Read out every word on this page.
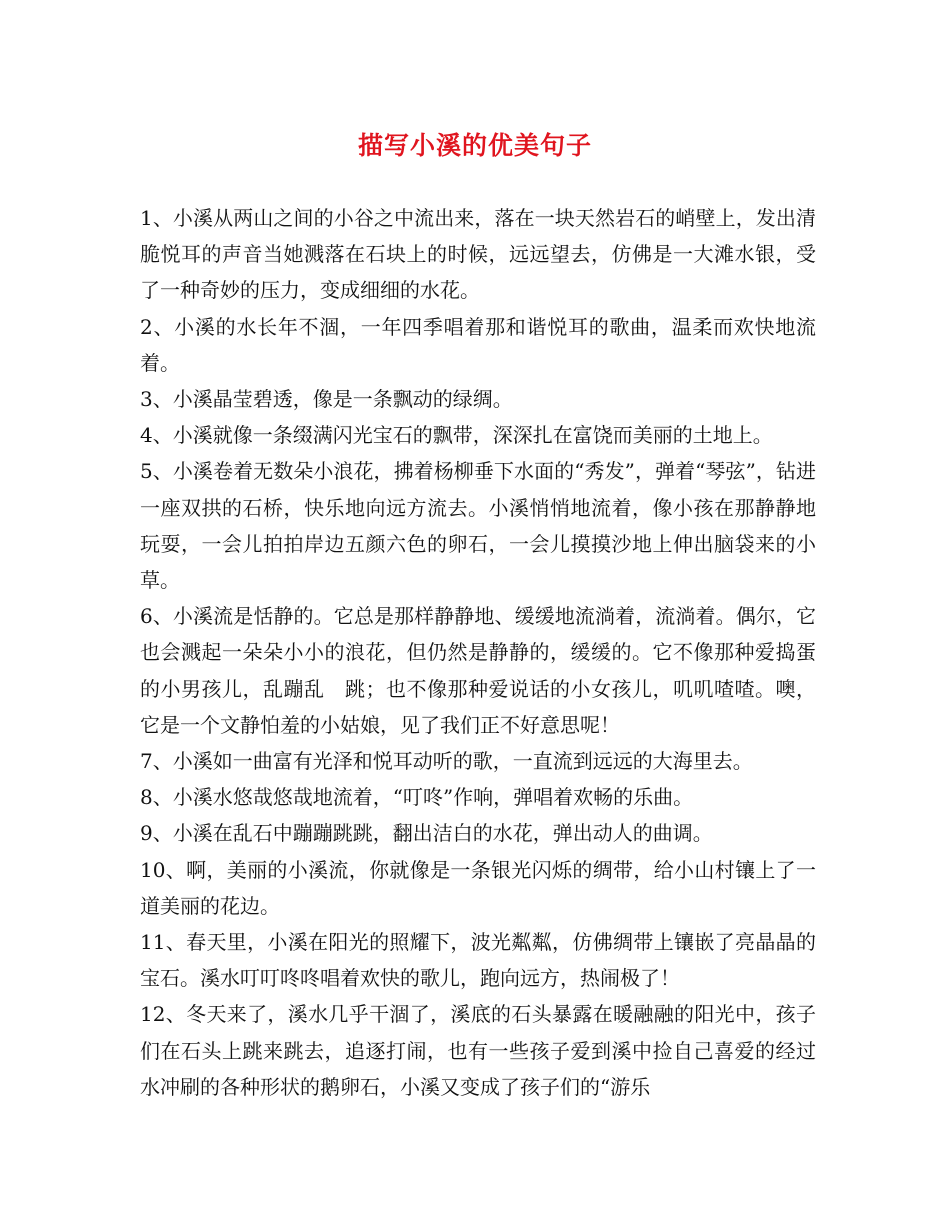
描写小溪的优美句子

1、小溪从两山之间的小谷之中流出来，落在一块天然岩石的峭壁上，发出清脆悦耳的声音当她溅落在石块上的时候，远远望去，仿佛是一大滩水银，受了一种奇妙的压力，变成细细的水花。

2、小溪的水长年不涸，一年四季唱着那和谐悦耳的歌曲，温柔而欢快地流着。

3、小溪晶莹碧透，像是一条飘动的绿绸。

4、小溪就像一条缀满闪光宝石的飘带，深深扎在富饶而美丽的土地上。

5、小溪卷着无数朵小浪花，拂着杨柳垂下水面的“秀发”，弹着“琴弦”，钻进一座双拱的石桥，快乐地向远方流去。小溪悄悄地流着，像小孩在那静静地玩耍，一会儿拍拍岸边五颜六色的卵石，一会儿摸摸沙地上伸出脑袋来的小草。

6、小溪流是恬静的。它总是那样静静地、缓缓地流淌着，流淌着。偶尔，它也会溅起一朵朵小小的浪花，但仍然是静静的，缓缓的。它不像那种爱捣蛋的小男孩儿，乱蹦乱　跳；也不像那种爱说话的小女孩儿，叽叽喳喳。噢，它是一个文静怕羞的小姑娘，见了我们正不好意思呢！

7、小溪如一曲富有光泽和悦耳动听的歌，一直流到远远的大海里去。

8、小溪水悠哉悠哉地流着，“叮咚”作响，弹唱着欢畅的乐曲。

9、小溪在乱石中蹦蹦跳跳，翻出洁白的水花，弹出动人的曲调。

10、啊，美丽的小溪流，你就像是一条银光闪烁的绸带，给小山村镶上了一道美丽的花边。

11、春天里，小溪在阳光的照耀下，波光粼粼，仿佛绸带上镶嵌了亮晶晶的宝石。溪水叮叮咚咚唱着欢快的歌儿，跑向远方，热闹极了！

12、冬天来了，溪水几乎干涸了，溪底的石头暴露在暖融融的阳光中，孩子们在石头上跳来跳去，追逐打闹，也有一些孩子爱到溪中捡自己喜爱的经过水冲刷的各种形状的鹅卵石，小溪又变成了孩子们的“游乐
